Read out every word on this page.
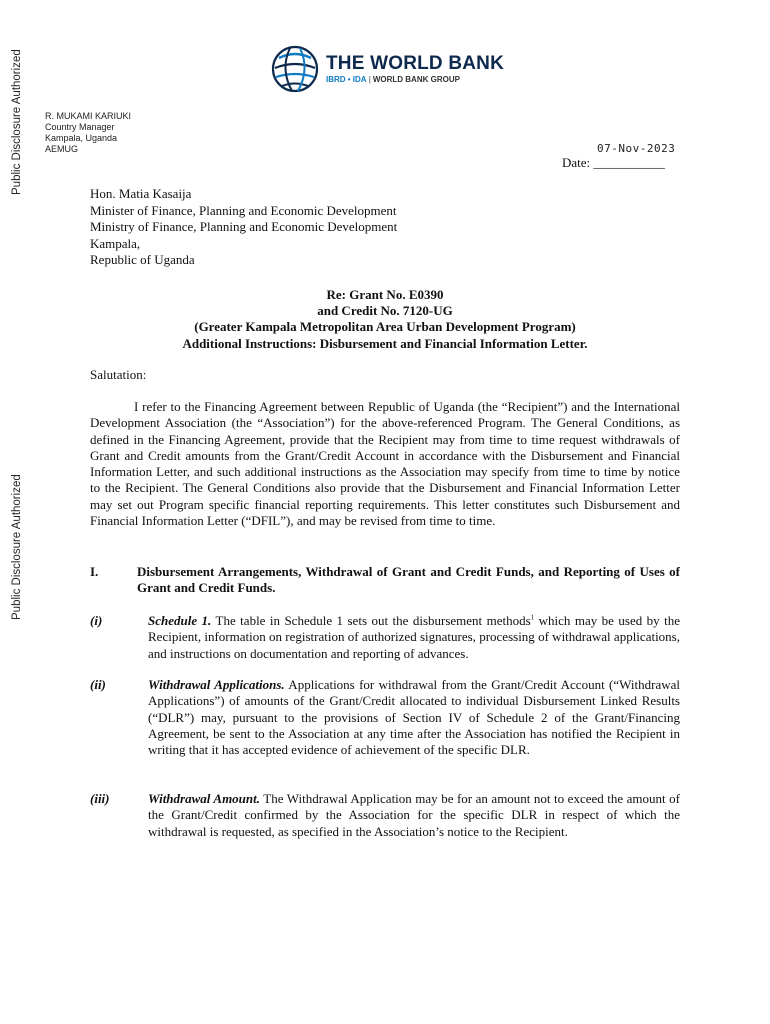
Public Disclosure Authorized
Public Disclosure Authorized
THE WORLD BANK
IBRD • IDA | WORLD BANK GROUP
R. MUKAMI KARIUKI
Country Manager
Kampala, Uganda
AEMUG	07-Nov-2023
Date: ___________
Hon. Matia Kasaija
Minister of Finance, Planning and Economic Development
Ministry of Finance, Planning and Economic Development
Kampala,
Republic of Uganda
Re: Grant No. E0390
and Credit No. 7120-UG
(Greater Kampala Metropolitan Area Urban Development Program)
Additional Instructions: Disbursement and Financial Information Letter.
Salutation:
I refer to the Financing Agreement between Republic of Uganda (the “Recipient”) and the International Development Association (the “Association”) for the above-referenced Program. The General Conditions, as defined in the Financing Agreement, provide that the Recipient may from time to time request withdrawals of Grant and Credit amounts from the Grant/Credit Account in accordance with the Disbursement and Financial Information Letter, and such additional instructions as the Association may specify from time to time by notice to the Recipient. The General Conditions also provide that the Disbursement and Financial Information Letter may set out Program specific financial reporting requirements. This letter constitutes such Disbursement and Financial Information Letter (“DFIL”), and may be revised from time to time.
I.	Disbursement Arrangements, Withdrawal of Grant and Credit Funds, and Reporting of Uses of Grant and Credit Funds.
(i)	Schedule 1. The table in Schedule 1 sets out the disbursement methods$^1$ which may be used by the Recipient, information on registration of authorized signatures, processing of withdrawal applications, and instructions on documentation and reporting of advances.
(ii)	Withdrawal Applications. Applications for withdrawal from the Grant/Credit Account (“Withdrawal Applications”) of amounts of the Grant/Credit allocated to individual Disbursement Linked Results (“DLR”) may, pursuant to the provisions of Section IV of Schedule 2 of the Grant/Financing Agreement, be sent to the Association at any time after the Association has notified the Recipient in writing that it has accepted evidence of achievement of the specific DLR.
(iii)	Withdrawal Amount. The Withdrawal Application may be for an amount not to exceed the amount of the Grant/Credit confirmed by the Association for the specific DLR in respect of which the withdrawal is requested, as specified in the Association’s notice to the Recipient.
